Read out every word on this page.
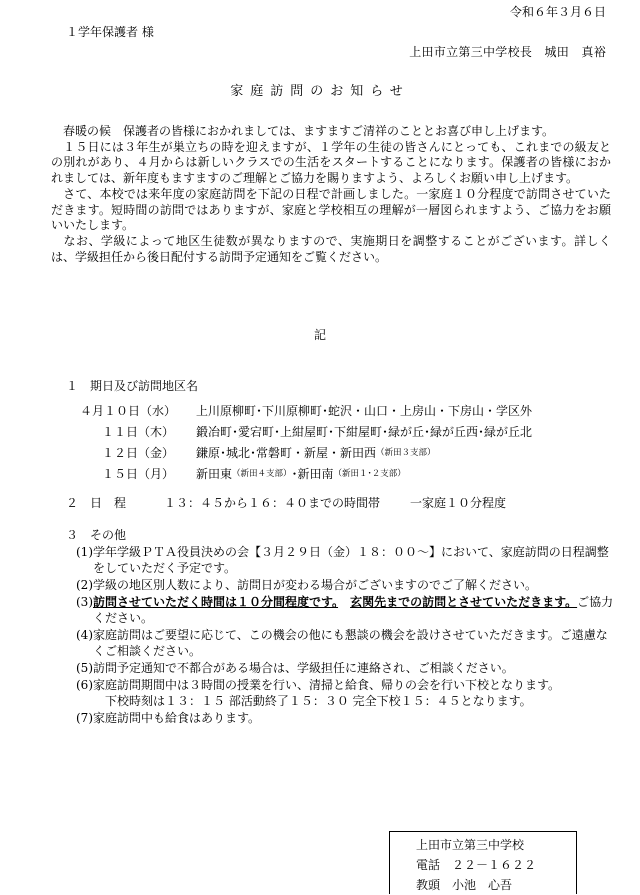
令和６年３月６日
１学年保護者 様
上田市立第三中学校長　城田　真裕
家庭訪問のお知らせ

　春暖の候　保護者の皆様におかれましては、ますますご清祥のこととお喜び申し上げます。

　１５日には３年生が巣立ちの時を迎えますが、１学年の生徒の皆さんにとっても、これまでの級友との別れがあり、４月からは新しいクラスでの生活をスタートすることになります。保護者の皆様におかれましては、新年度もますますのご理解とご協力を賜りますよう、よろしくお願い申し上げます。

　さて、本校では来年度の家庭訪問を下記の日程で計画しました。一家庭１０分程度で訪問させていただきます。短時間の訪問ではありますが、家庭と学校相互の理解が一層図られますよう、ご協力をお願いいたします。

　なお、学級によって地区生徒数が異なりますので、実施期日を調整することがございます。詳しくは、学級担任から後日配付する訪問予定通知をご覧ください。

記
１　期日及び訪問地区名
４月１０日（水）	上川原柳町･下川原柳町･蛇沢・山口・上房山・下房山・学区外
１１日（木）	鍛冶町･愛宕町･上紺屋町･下紺屋町･緑が丘･緑が丘西･緑が丘北
１２日（金）	鎌原･城北･常磐町・新屋・新田西 （新田３支部）
１５日（月）	新田東 （新田４支部） ･新田南 （新田１･２支部）
２　日　程	１３：４５から１６：４０までの時間帯	一家庭１０分程度
３　その他
(1) 学年学級ＰＴＡ役員決めの会【３月２９日（金）１８：００～】において、家庭訪問の日程調整をしていただく予定です。
(2) 学級の地区別人数により、訪問日が変わる場合がございますのでご了解ください。
(3) 訪問させていただく時間は１０分間程度です。　 玄関先までの訪問とさせていただきます。ご協力ください。
(4) 家庭訪問はご要望に応じて、この機会の他にも懇談の機会を設けさせていただきます。ご遠慮なくご相談ください。
(5) 訪問予定通知で不都合がある場合は、学級担任に連絡され、ご相談ください。
(6) 家庭訪問期間中は３時間の授業を行い、清掃と給食、帰りの会を行い下校となります。
下校時刻は１３：１５ 部活動終了１５：３０ 完全下校１５：４５となります。
(7) 家庭訪問中も給食はあります。
上田市立第三中学校
電話　２２－１６２２
教頭　小池　心吾
